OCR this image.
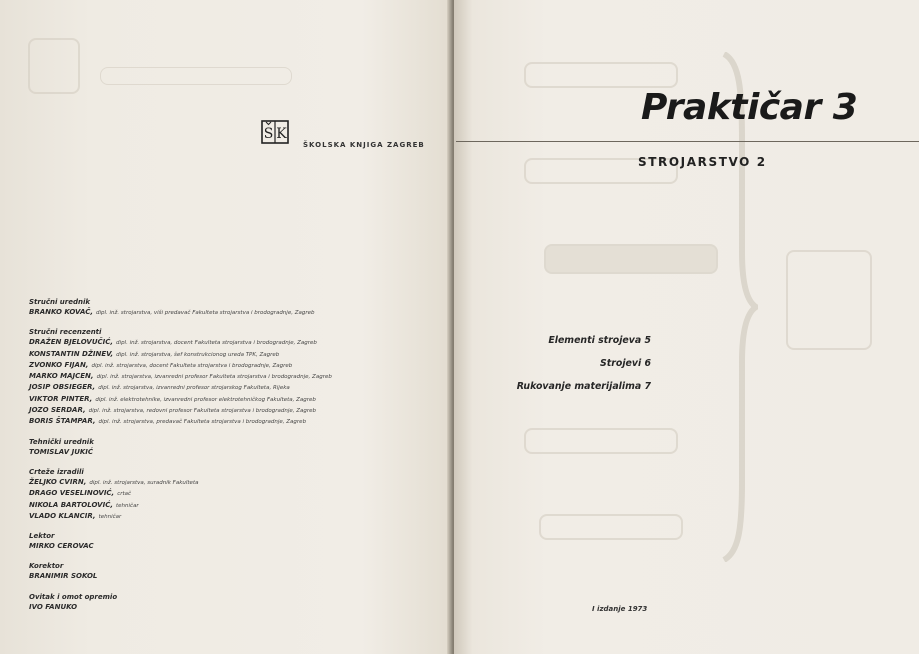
S K
ŠKOLSKA KNJIGA ZAGREB
Stručni urednik
BRANKO KOVAČ, dipl. inž. strojarstva, viši predavač Fakulteta strojarstva i brodogradnje, Zagreb
Stručni recenzenti
DRAŽEN BJELOVUČIĆ, dipl. inž. strojarstva, docent Fakulteta strojarstva i brodogradnje, Zagreb
KONSTANTIN DŽINEV, dipl. inž. strojarstva, šef konstrukcionog ureda TPK, Zagreb
ZVONKO FIJAN, dipl. inž. strojarstva, docent Fakulteta strojarstva i brodogradnje, Zagreb
MARKO MAJCEN, dipl. inž. strojarstva, izvanredni profesor Fakulteta strojarstva i brodogradnje, Zagreb
JOSIP OBSIEGER, dipl. inž. strojarstva, izvanredni profesor strojarskog Fakulteta, Rijeka
VIKTOR PINTER, dipl. inž. elektrotehnike, izvanredni profesor elektrotehničkog Fakulteta, Zagreb
JOZO SERDAR, dipl. inž. strojarstva, redovni profesor Fakulteta strojarstva i brodogradnje, Zagreb
BORIS ŠTAMPAR, dipl. inž. strojarstva, predavač Fakulteta strojarstva i brodogradnje, Zagreb
Tehnički urednik
TOMISLAV JUKIĆ
Crteže izradili
ŽELJKO CVIRN, dipl. inž. strojarstva, suradnik Fakulteta
DRAGO VESELINOVIĆ, crtač
NIKOLA BARTOLOVIĆ, tehničar
VLADO KLANCIR, tehničar
Lektor
MIRKO CEROVAC
Korektor
BRANIMIR SOKOL
Ovitak i omot opremio
IVO FANUKO
Praktičar 3
STROJARSTVO 2
Elementi strojeva 5
Strojevi 6
Rukovanje materijalima 7
I izdanje 1973
